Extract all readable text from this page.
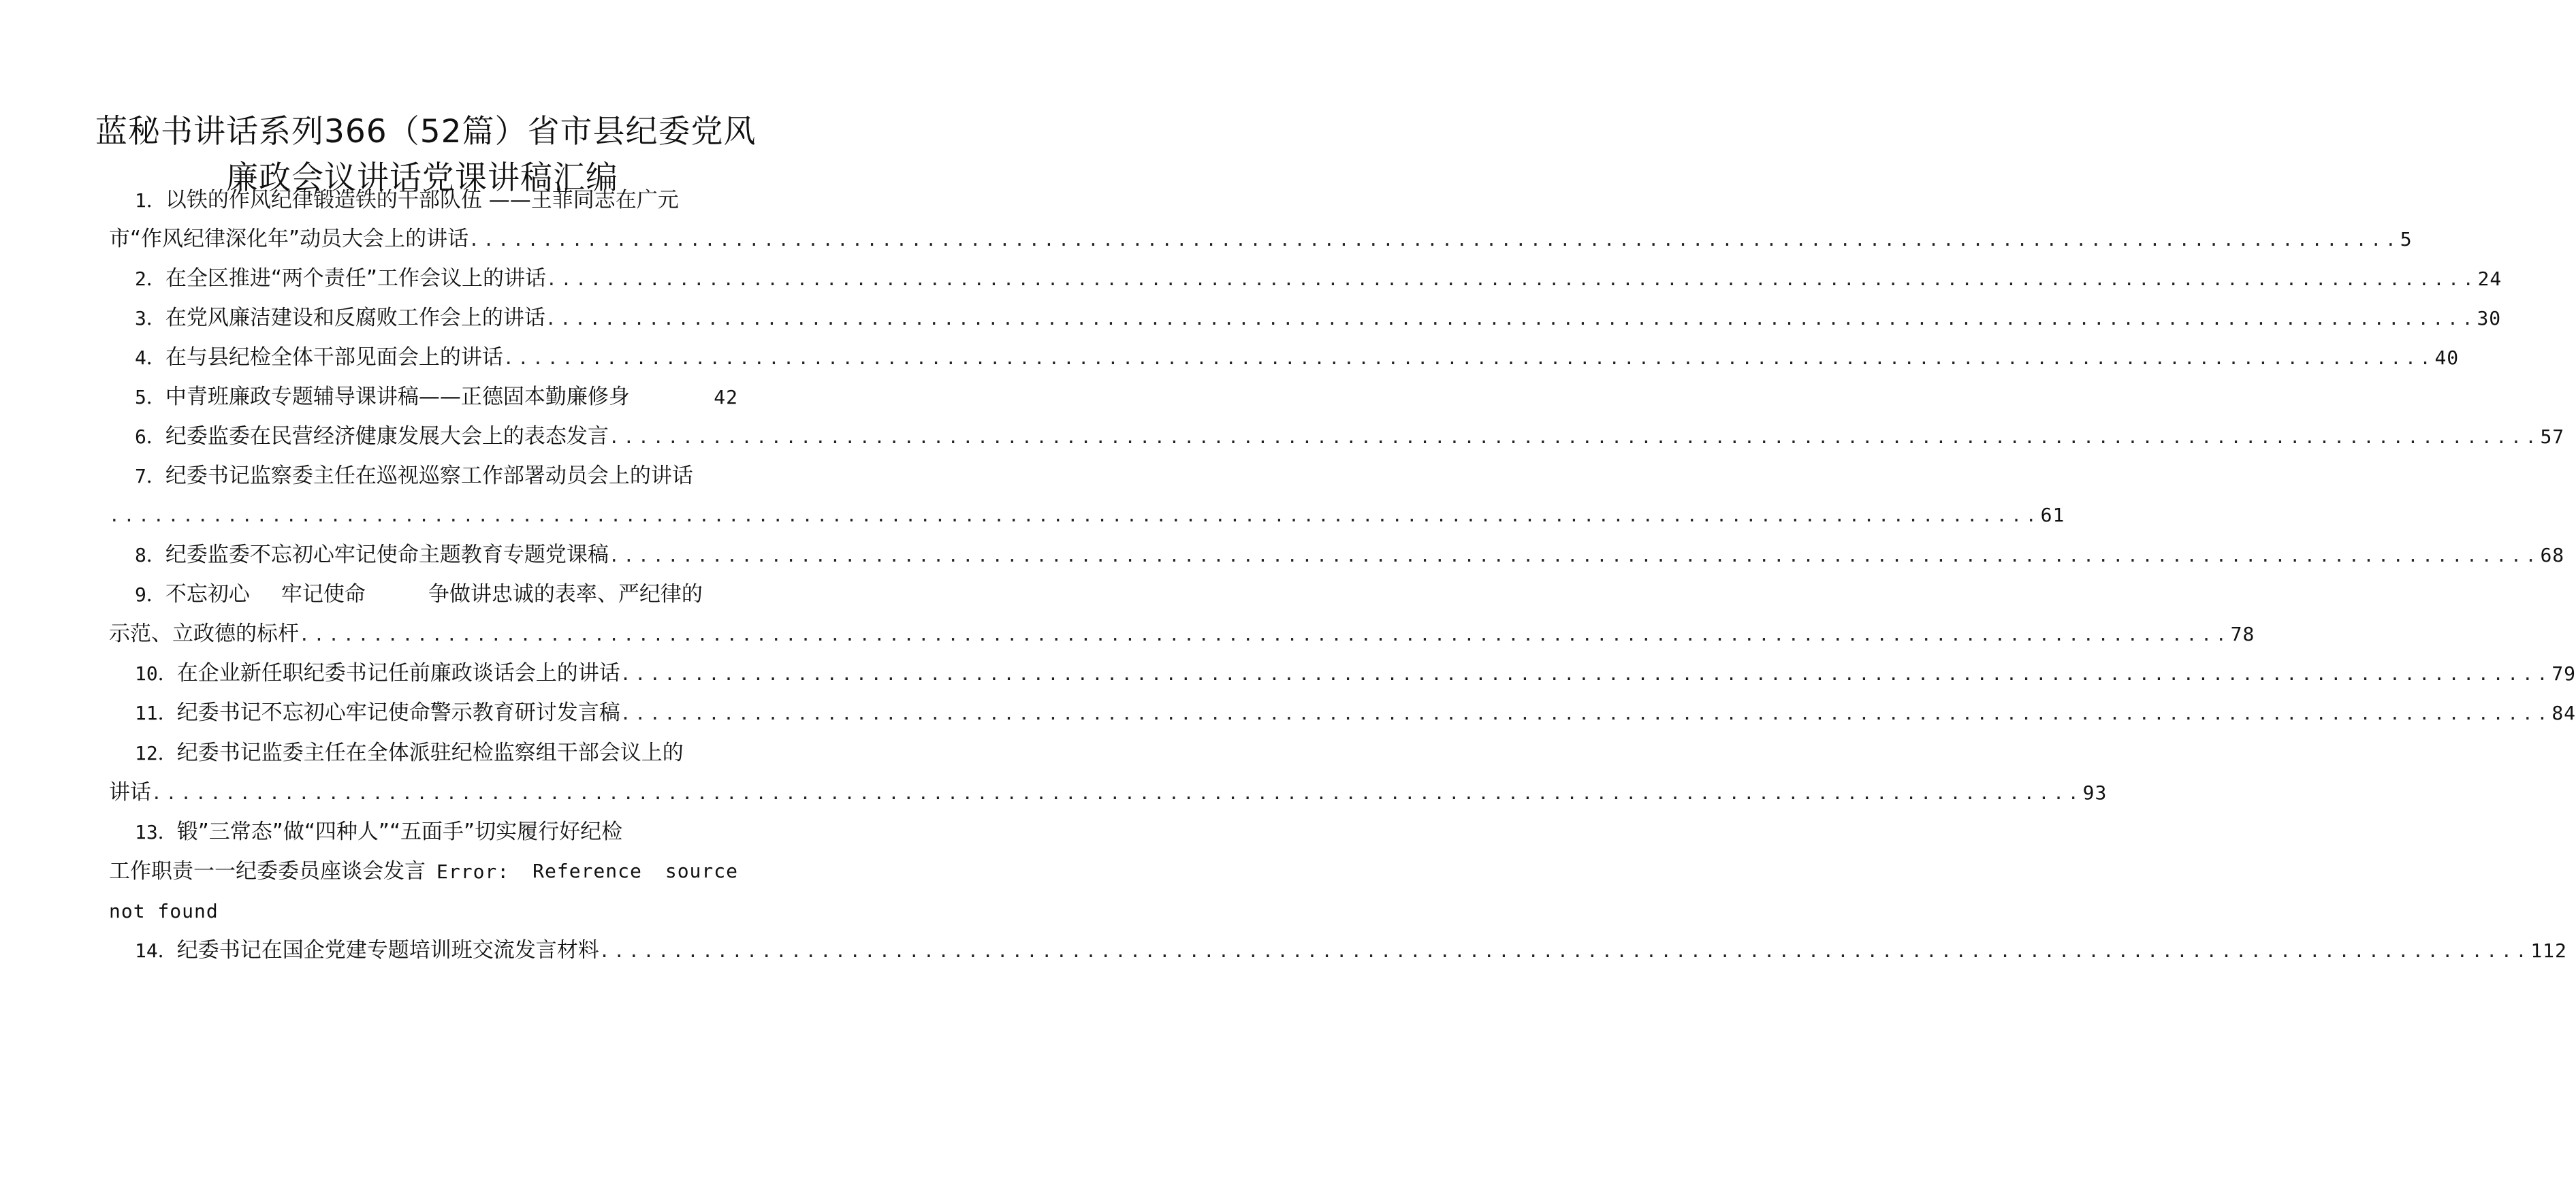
蓝秘书讲话系列366（52篇）省市县纪委党风
廉政会议讲话党课讲稿汇编
1．以铁的作风纪律锻造铁的干部队伍 ——王菲同志在广元
市“作风纪律深化年”动员大会上的讲话 ................................................................................................................................... 5
2．在全区推进“两个责任”工作会议上的讲话 ................................................................................................................................... 24
3．在党风廉洁建设和反腐败工作会上的讲话 ................................................................................................................................... 30
4．在与县纪检全体干部见面会上的讲话 ................................................................................................................................... 40
5．中青班廉政专题辅导课讲稿——正德固本勤廉修身	42
6．纪委监委在民营经济健康发展大会上的表态发言 ................................................................................................................................... 57
7．纪委书记监察委主任在巡视巡察工作部署动员会上的讲话
................................................................................................................................... 61
8．纪委监委不忘初心牢记使命主题教育专题党课稿 ................................................................................................................................... 68
9．不忘初心 牢记使命	争做讲忠诚的表率、严纪律的
示范、立政德的标杆 ................................................................................................................................... 78
10．在企业新任职纪委书记任前廉政谈话会上的讲话 ................................................................................................................................... 79
11．纪委书记不忘初心牢记使命警示教育研讨发言稿 ................................................................................................................................... 84
12．纪委书记监委主任在全体派驻纪检监察组干部会议上的
讲话 ................................................................................................................................... 93
13．锻”三常态”做“四种人”“五面手”切实履行好纪检
工作职责一一纪委委员座谈会发言 Error: Reference source
not found
14．纪委书记在国企党建专题培训班交流发言材料 ................................................................................................................................... 112
